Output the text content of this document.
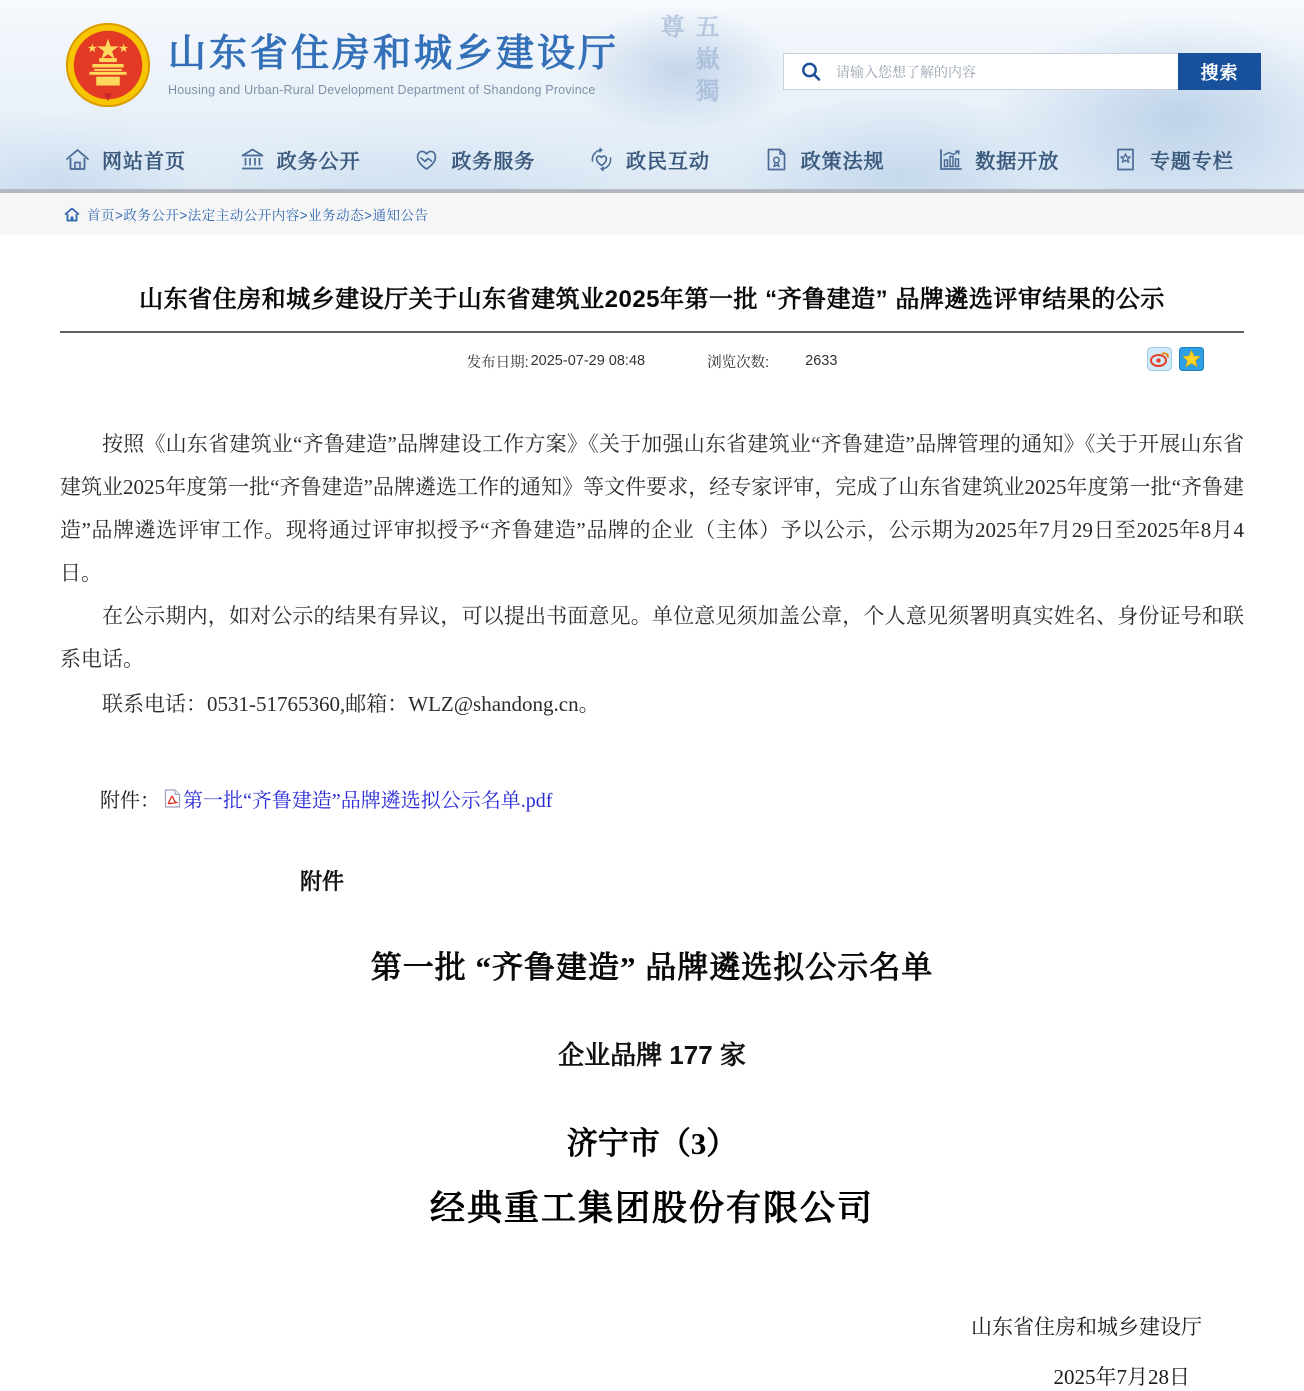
山东省住房和城乡建设厅
Housing and Urban-Rural Development Department of Shandong Province	五嶽獨尊
请输入您想了解的内容
搜索
网站首页	政务公开	政务服务	政民互动	政策法规	数据开放	专题专栏
首页>政务公开>法定主动公开内容>业务动态>通知公告
山东省住房和城乡建设厅关于山东省建筑业2025年第一批 “齐鲁建造” 品牌遴选评审结果的公示
发布日期: 2025-07-29 08:48	浏览次数: 2633

按照《山东省建筑业“齐鲁建造”品牌建设工作方案》《关于加强山东省建筑业“齐鲁建造”品牌管理的通知》《关于开展山东省建筑业2025年度第一批“齐鲁建造”品牌遴选工作的通知》等文件要求，经专家评审，完成了山东省建筑业2025年度第一批“齐鲁建造”品牌遴选评审工作。现将通过评审拟授予“齐鲁建造”品牌的企业（主体）予以公示，公示期为2025年7月29日至2025年8月4日。

在公示期内，如对公示的结果有异议，可以提出书面意见。单位意见须加盖公章，个人意见须署明真实姓名、身份证号和联系电话。

联系电话：0531-51765360,邮箱：WLZ@shandong.cn。

附件： 第一批“齐鲁建造”品牌遴选拟公示名单.pdf
附件
第一批 “齐鲁建造” 品牌遴选拟公示名单
企业品牌 177 家
济宁市（3）
经典重工集团股份有限公司
山东省住房和城乡建设厅
2025年7月28日
